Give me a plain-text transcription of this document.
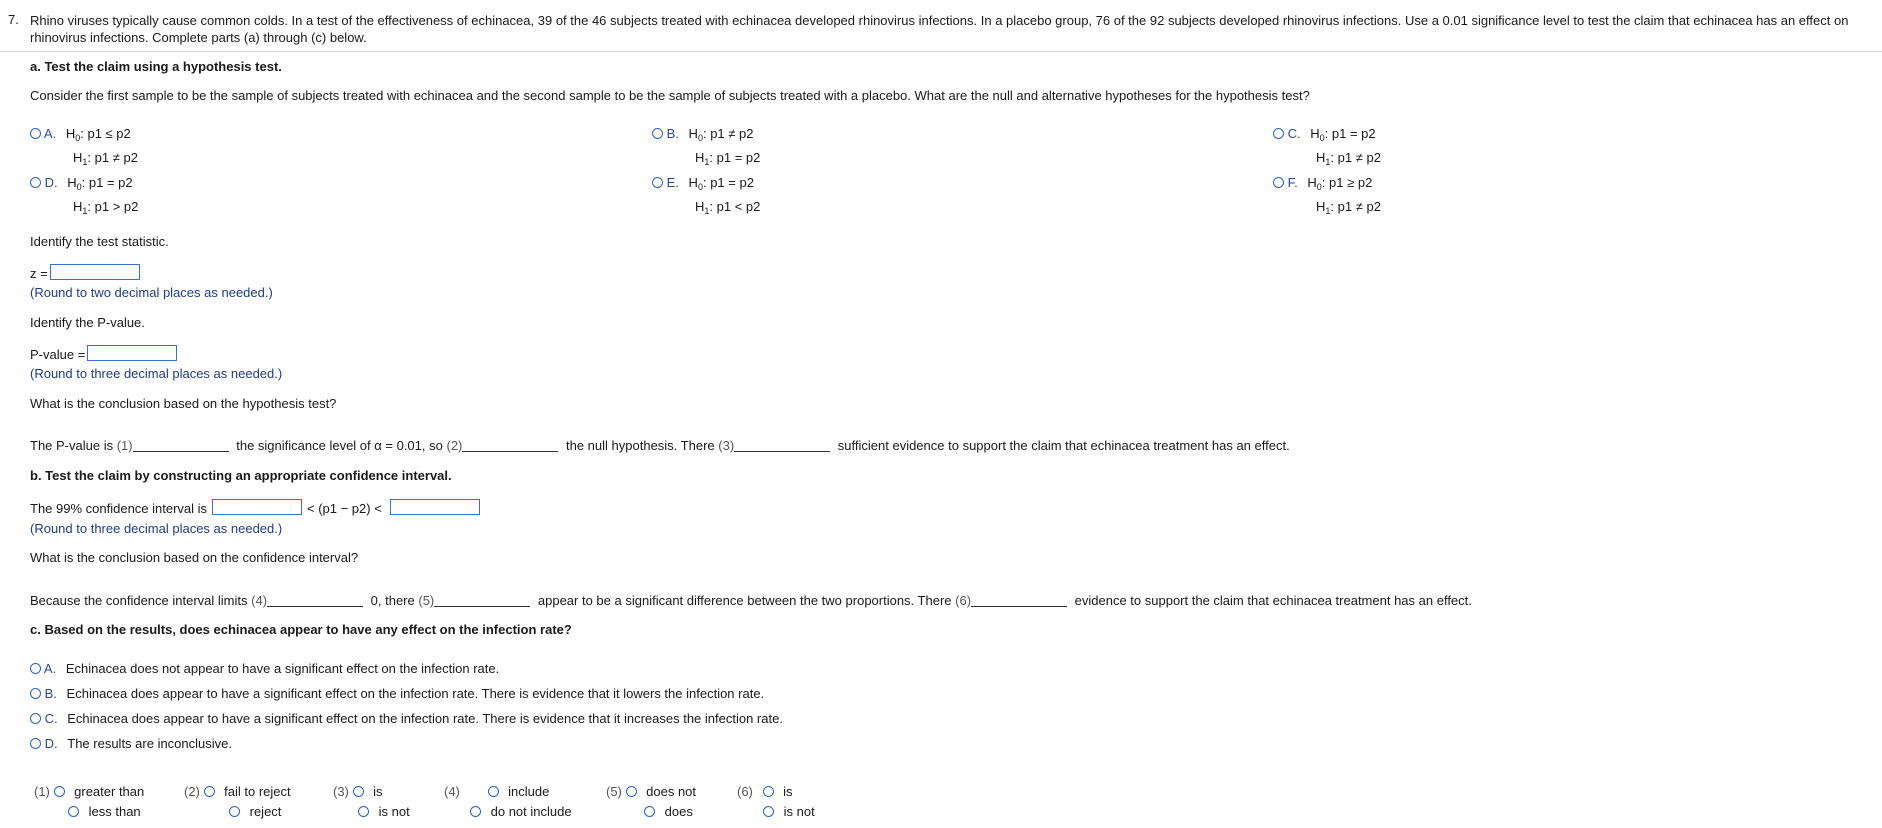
7. Rhino viruses typically cause common colds. In a test of the effectiveness of echinacea, 39 of the 46 subjects treated with echinacea developed rhinovirus infections. In a placebo group, 76 of the 92 subjects developed rhinovirus infections. Use a 0.01 significance level to test the claim that echinacea has an effect on rhinovirus infections. Complete parts (a) through (c) below.
a. Test the claim using a hypothesis test.
Consider the first sample to be the sample of subjects treated with echinacea and the second sample to be the sample of subjects treated with a placebo. What are the null and alternative hypotheses for the hypothesis test?
A. $H_0$: p1 ≤ p2
$H_1$: p1 ≠ p2
B. $H_0$: p1 ≠ p2
$H_1$: p1 = p2
C. $H_0$: p1 = p2
$H_1$: p1 ≠ p2
D. $H_0$: p1 = p2
$H_1$: p1 > p2
E. $H_0$: p1 = p2
$H_1$: p1 < p2
F. $H_0$: p1 ≥ p2
$H_1$: p1 ≠ p2
Identify the test statistic.
z =
(Round to two decimal places as needed.)
Identify the P-value.
P-value =
(Round to three decimal places as needed.)
What is the conclusion based on the hypothesis test?
The P-value is (1)	the significance level of α = 0.01, so (2)	the null hypothesis. There (3)	sufficient evidence to support the claim that echinacea treatment has an effect.
b. Test the claim by constructing an appropriate confidence interval.
The 99% confidence interval is	< (p1 − p2) <
(Round to three decimal places as needed.)
What is the conclusion based on the confidence interval?
Because the confidence interval limits (4)	0, there (5)	appear to be a significant difference between the two proportions. There (6)	evidence to support the claim that echinacea treatment has an effect.
c. Based on the results, does echinacea appear to have any effect on the infection rate?
A. Echinacea does not appear to have a significant effect on the infection rate.
B. Echinacea does appear to have a significant effect on the infection rate. There is evidence that it lowers the infection rate.
C. Echinacea does appear to have a significant effect on the infection rate. There is evidence that it increases the infection rate.
D. The results are inconclusive.
(1) greater than
less than
(2) fail to reject
reject
(3) is
is not
(4)	include
do not include
(5) does not
does
(6) is
is not
